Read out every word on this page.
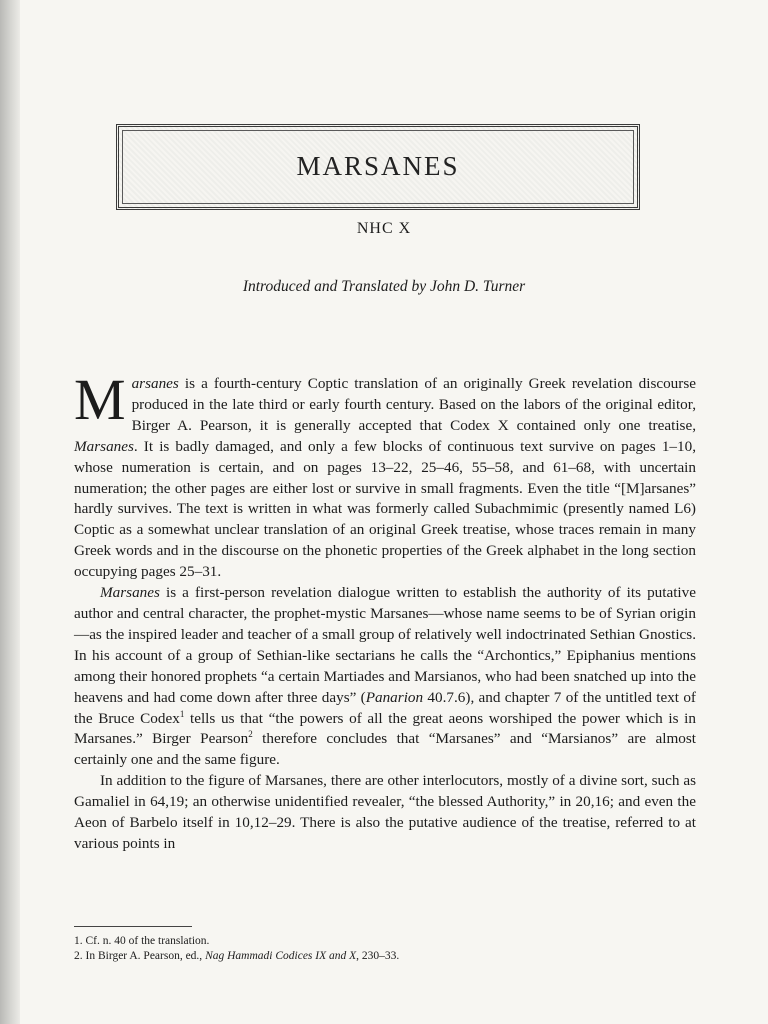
MARSANES
NHC X
Introduced and Translated by John D. Turner

Marsanes is a fourth-century Coptic translation of an originally Greek revelation discourse produced in the late third or early fourth century. Based on the labors of the original editor, Birger A. Pearson, it is generally accepted that Codex X contained only one treatise, Marsanes. It is badly damaged, and only a few blocks of continuous text survive on pages 1–10, whose numeration is certain, and on pages 13–22, 25–46, 55–58, and 61–68, with uncertain numeration; the other pages are either lost or survive in small fragments. Even the title “[M]arsanes” hardly survives. The text is written in what was formerly called Subachmimic (presently named L6) Coptic as a somewhat unclear translation of an original Greek treatise, whose traces remain in many Greek words and in the discourse on the phonetic properties of the Greek alphabet in the long section occupying pages 25–31.

Marsanes is a first-person revelation dialogue written to establish the authority of its putative author and central character, the prophet-mystic Marsanes—whose name seems to be of Syrian origin—as the inspired leader and teacher of a small group of relatively well indoctrinated Sethian Gnostics. In his account of a group of Sethian-like sectarians he calls the “Archontics,” Epiphanius mentions among their honored prophets “a certain Martiades and Marsianos, who had been snatched up into the heavens and had come down after three days” (Panarion 40.7.6), and chapter 7 of the untitled text of the Bruce Codex$^1$ tells us that “the powers of all the great aeons worshiped the power which is in Marsanes.” Birger Pearson$^2$ therefore concludes that “Marsanes” and “Marsianos” are almost certainly one and the same figure.

In addition to the figure of Marsanes, there are other interlocutors, mostly of a divine sort, such as Gamaliel in 64,19; an otherwise unidentified revealer, “the blessed Authority,” in 20,16; and even the Aeon of Barbelo itself in 10,12–29. There is also the putative audience of the treatise, referred to at various points in

1. Cf. n. 40 of the translation.
2. In Birger A. Pearson, ed., Nag Hammadi Codices IX and X, 230–33.
